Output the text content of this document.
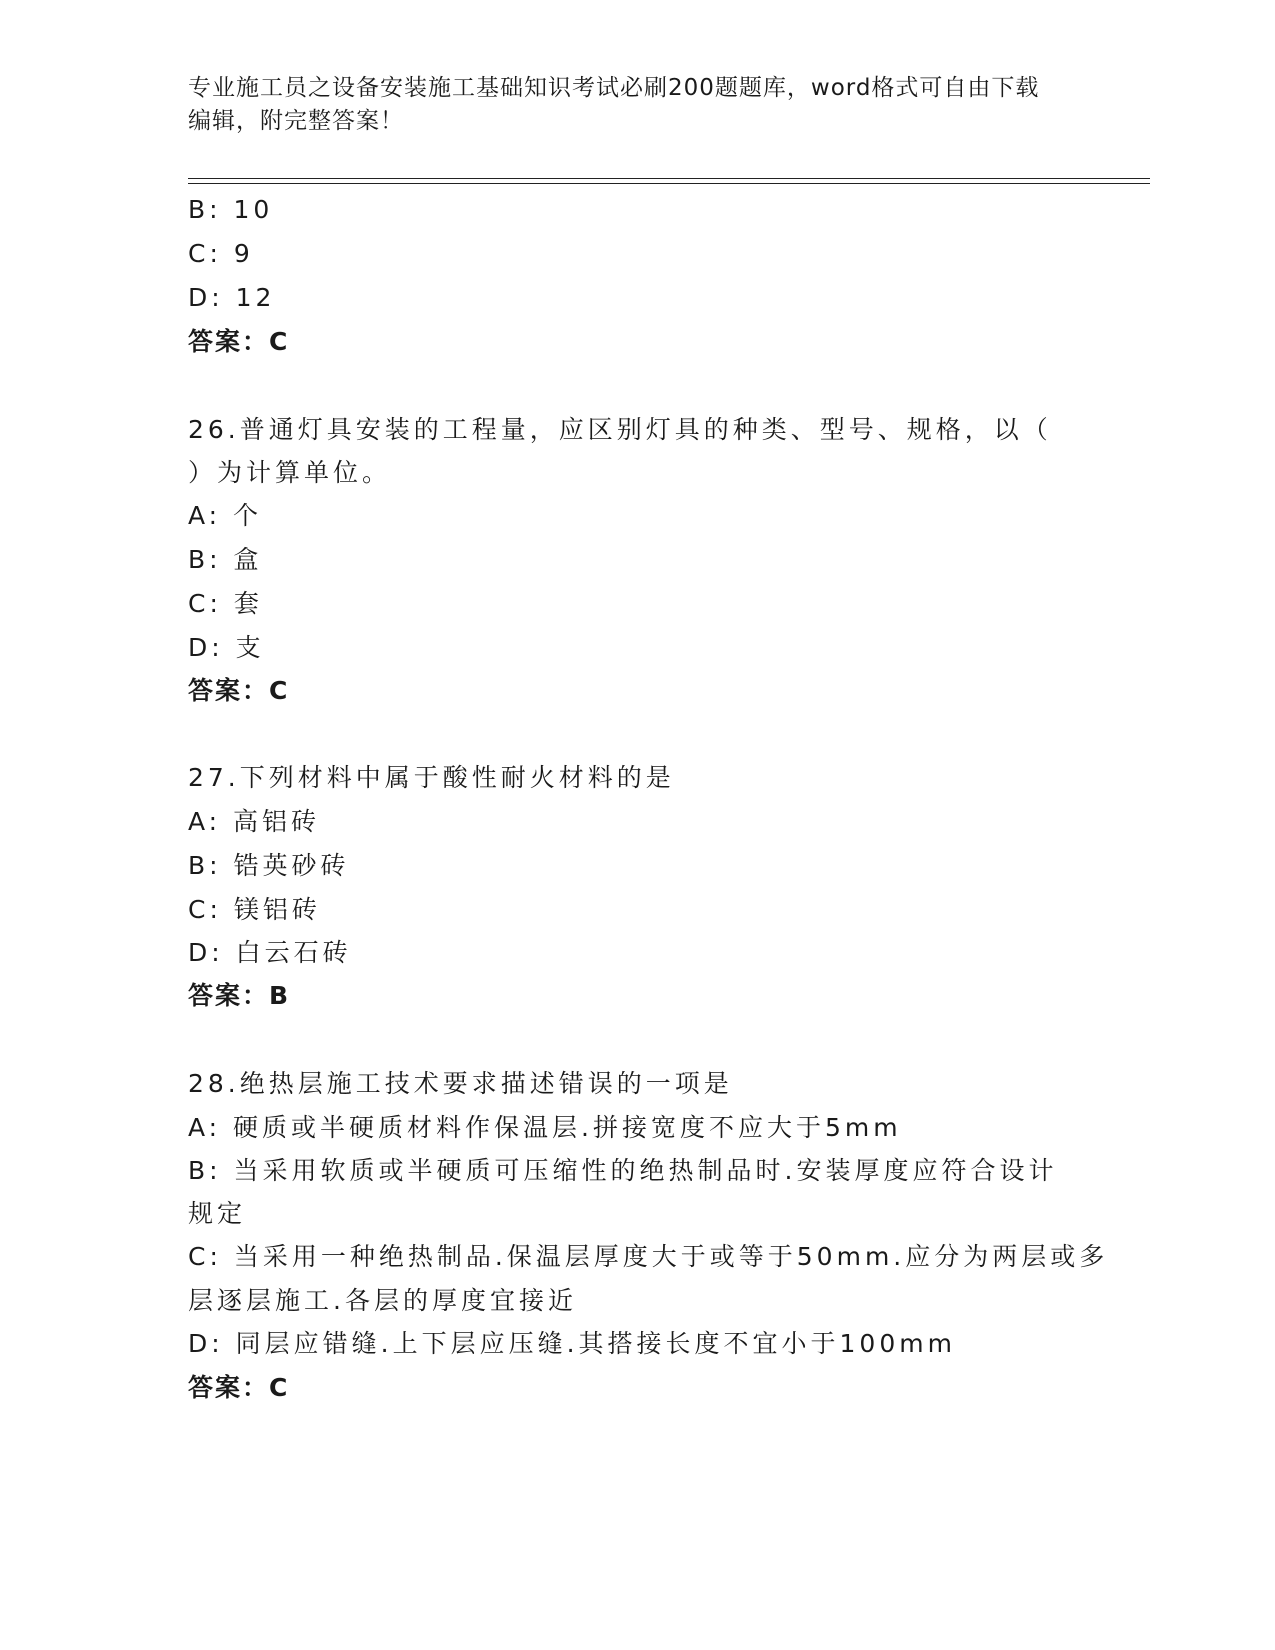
专业施工员之设备安装施工基础知识考试必刷200题题库，word格式可自由下载
编辑，附完整答案！
B: 10
C: 9
D: 12
答案：C
26.普通灯具安装的工程量，应区别灯具的种类、型号、规格，以（
）为计算单位。
A: 个
B: 盒
C: 套
D: 支
答案：C
27.下列材料中属于酸性耐火材料的是
A: 高铝砖
B: 锆英砂砖
C: 镁铝砖
D: 白云石砖
答案：B
28.绝热层施工技术要求描述错误的一项是
A: 硬质或半硬质材料作保温层.拼接宽度不应大于5mm
B: 当采用软质或半硬质可压缩性的绝热制品时.安装厚度应符合设计
规定
C: 当采用一种绝热制品.保温层厚度大于或等于50mm.应分为两层或多
层逐层施工.各层的厚度宜接近
D: 同层应错缝.上下层应压缝.其搭接长度不宜小于100mm
答案：C
